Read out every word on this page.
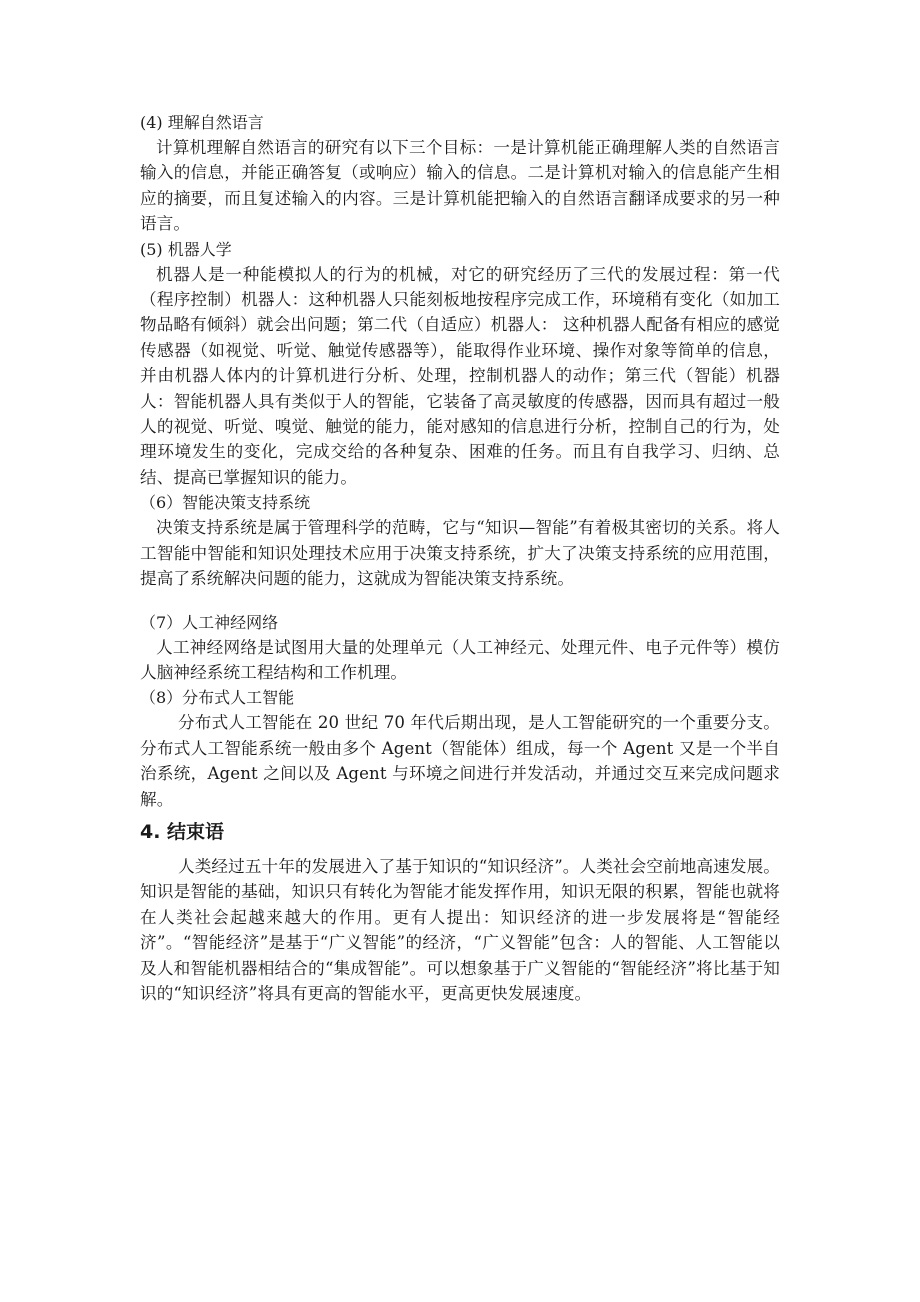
(4) 理解自然语言

计算机理解自然语言的研究有以下三个目标：一是计算机能正确理解人类的自然语言输入的信息，并能正确答复（或响应）输入的信息。二是计算机对输入的信息能产生相应的摘要，而且复述输入的内容。三是计算机能把输入的自然语言翻译成要求的另一种语言。

(5) 机器人学

机器人是一种能模拟人的行为的机械，对它的研究经历了三代的发展过程：第一代（程序控制）机器人：这种机器人只能刻板地按程序完成工作，环境稍有变化（如加工物品略有倾斜）就会出问题；第二代（自适应）机器人： 这种机器人配备有相应的感觉传感器（如视觉、听觉、触觉传感器等），能取得作业环境、操作对象等简单的信息，并由机器人体内的计算机进行分析、处理，控制机器人的动作；第三代（智能）机器人：智能机器人具有类似于人的智能，它装备了高灵敏度的传感器，因而具有超过一般人的视觉、听觉、嗅觉、触觉的能力，能对感知的信息进行分析，控制自己的行为，处理环境发生的变化，完成交给的各种复杂、困难的任务。而且有自我学习、归纳、总结、提高已掌握知识的能力。

（6）智能决策支持系统

决策支持系统是属于管理科学的范畴，它与“知识—智能”有着极其密切的关系。将人工智能中智能和知识处理技术应用于决策支持系统，扩大了决策支持系统的应用范围，提高了系统解决问题的能力，这就成为智能决策支持系统。

（7）人工神经网络

人工神经网络是试图用大量的处理单元（人工神经元、处理元件、电子元件等）模仿人脑神经系统工程结构和工作机理。

（8）分布式人工智能

分布式人工智能在 20 世纪 70 年代后期出现，是人工智能研究的一个重要分支。分布式人工智能系统一般由多个 Agent（智能体）组成，每一个 Agent 又是一个半自治系统，Agent 之间以及 Agent 与环境之间进行并发活动，并通过交互来完成问题求解。

4. 结束语

人类经过五十年的发展进入了基于知识的“知识经济”。人类社会空前地高速发展。知识是智能的基础，知识只有转化为智能才能发挥作用，知识无限的积累，智能也就将在人类社会起越来越大的作用。更有人提出：知识经济的进一步发展将是“智能经济”。“智能经济”是基于“广义智能”的经济，“广义智能”包含：人的智能、人工智能以及人和智能机器相结合的“集成智能”。可以想象基于广义智能的“智能经济”将比基于知识的“知识经济”将具有更高的智能水平，更高更快发展速度。
